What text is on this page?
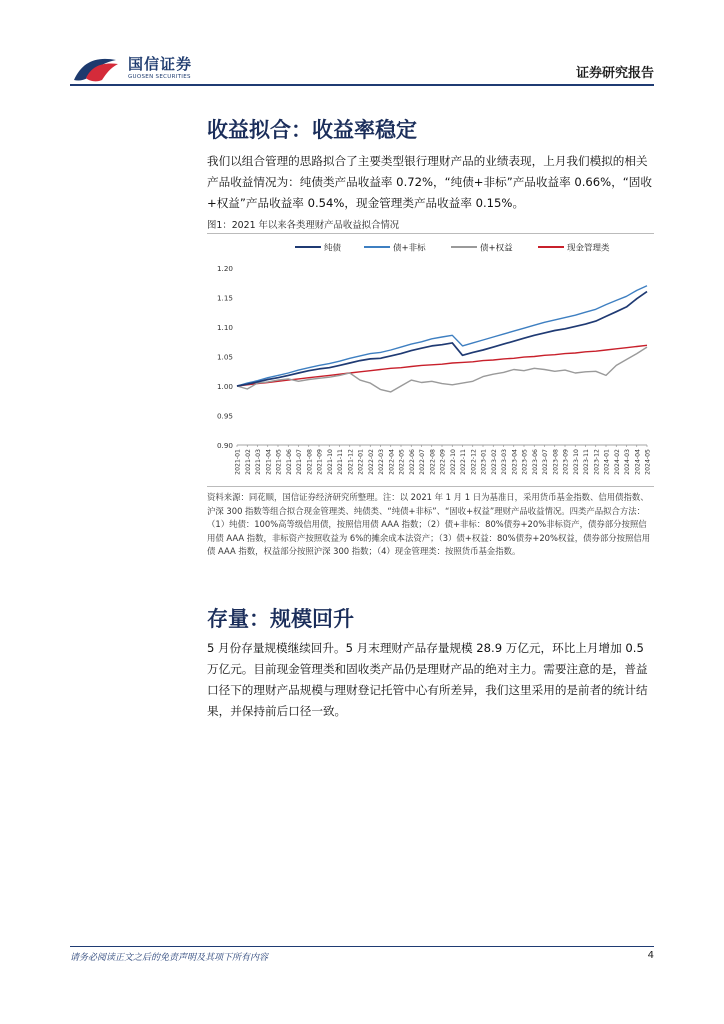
国信证券
GUOSEN SECURITIES	证券研究报告
收益拟合：收益率稳定

我们以组合管理的思路拟合了主要类型银行理财产品的业绩表现，上月我们模拟的相关产品收益情况为：纯债类产品收益率 0.72%，“纯债+非标”产品收益率 0.66%，“固收+权益”产品收益率 0.54%，现金管理类产品收益率 0.15%。

图1：2021 年以来各类理财产品收益拟合情况
纯债	债+非标	债+权益	现金管理类
1.20
1.15
1.10
1.05
1.00
0.95
0.90
2021-01 2021-02 2021-03 2021-04 2021-05 2021-06 2021-07 2021-08 2021-09 2021-10 2021-11 2021-12 2022-01 2022-02 2022-03 2022-04 2022-05 2022-06 2022-07 2022-08 2022-09 2022-10 2022-11 2022-12 2023-01 2023-02 2023-03 2023-04 2023-05 2023-06 2023-07 2023-08 2023-09 2023-10 2023-11 2023-12 2024-01 2024-02 2024-03 2024-04 2024-05
资料来源：同花顺，国信证券经济研究所整理。注：以 2021 年 1 月 1 日为基准日，采用货币基金指数、信用债指数、沪深 300 指数等组合拟合现金管理类、纯债类、“纯债+非标”、“固收+权益”理财产品收益情况。四类产品拟合方法：（1）纯债：100%高等级信用债，按照信用债 AAA 指数；（2）债+非标：80%债券+20%非标资产，债券部分按照信用债 AAA 指数，非标资产按照收益为 6%的摊余成本法资产；（3）债+权益：80%债券+20%权益，债券部分按照信用债 AAA 指数，权益部分按照沪深 300 指数；（4）现金管理类：按照货币基金指数。
存量：规模回升

5 月份存量规模继续回升。5 月末理财产品存量规模 28.9 万亿元，环比上月增加 0.5 万亿元。目前现金管理类和固收类产品仍是理财产品的绝对主力。需要注意的是，普益口径下的理财产品规模与理财登记托管中心有所差异，我们这里采用的是前者的统计结果，并保持前后口径一致。

请务必阅读正文之后的免责声明及其项下所有内容	4
